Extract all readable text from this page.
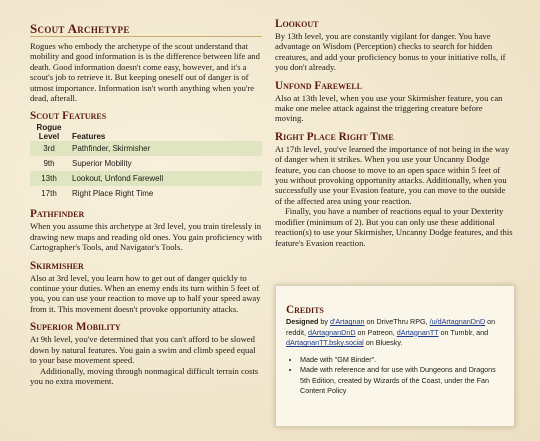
Scout Archetype

Rogues who embody the archetype of the scout understand that mobility and good information is is the difference between life and death. Good information doesn't come easy, however, and it's a scout's job to retrieve it. But keeping oneself out of danger is of utmost importance. Information isn't worth anything when you're dead, afterall.

Scout Features
Rogue
Level	Features
3rd	Pathfinder, Skirmisher
9th	Superior Mobility
13th	Lookout, Unfond Farewell
17th	Right Place Right Time
Pathfinder

When you assume this archetype at 3rd level, you train tirelessly in drawing new maps and reading old ones. You gain proficiency with Cartographer's Tools, and Navigator's Tools.

Skirmisher

Also at 3rd level, you learn how to get out of danger quickly to continue your duties. When an enemy ends its turn within 5 feet of you, you can use your reaction to move up to half your speed away from it. This movement doesn't provoke opportunity attacks.

Superior Mobility

At 9th level, you've determined that you can't afford to be slowed down by natural features. You gain a swim and climb speed equal to your base movement speed.

Additionally, moving through nonmagical difficult terrain costs you no extra movement.

Lookout

By 13th level, you are constantly vigilant for danger. You have advantage on Wisdom (Perception) checks to search for hidden creatures, and add your proficiency bonus to your initiative rolls, if you don't already.

Unfond Farewell

Also at 13th level, when you use your Skirmisher feature, you can make one melee attack against the triggering creature before moving.

Right Place Right Time

At 17th level, you've learned the importance of not being in the way of danger when it strikes. When you use your Uncanny Dodge feature, you can choose to move to an open space within 5 feet of you without provoking opportunity attacks. Additionally, when you successfully use your Evasion feature, you can move to the outside of the affected area using your reaction.

Finally, you have a number of reactions equal to your Dexterity modifier (minimum of 2). But you can only use these additional reaction(s) to use your Skirmisher, Uncanny Dodge features, and this feature's Evasion reaction.

Credits

Designed by d'Artagnan on DriveThru RPG, /u/dArtagnanDnD on reddit, dArtagnanDnD on Patreon, dArtagnanTT on Tumblr, and dArtagnanTT.bsky.social on Bluesky.

• Made with "GM Binder".
• Made with reference and for use with Dungeons and Dragons 5th Edition, created by Wizards of the Coast, under the Fan Content Policy
